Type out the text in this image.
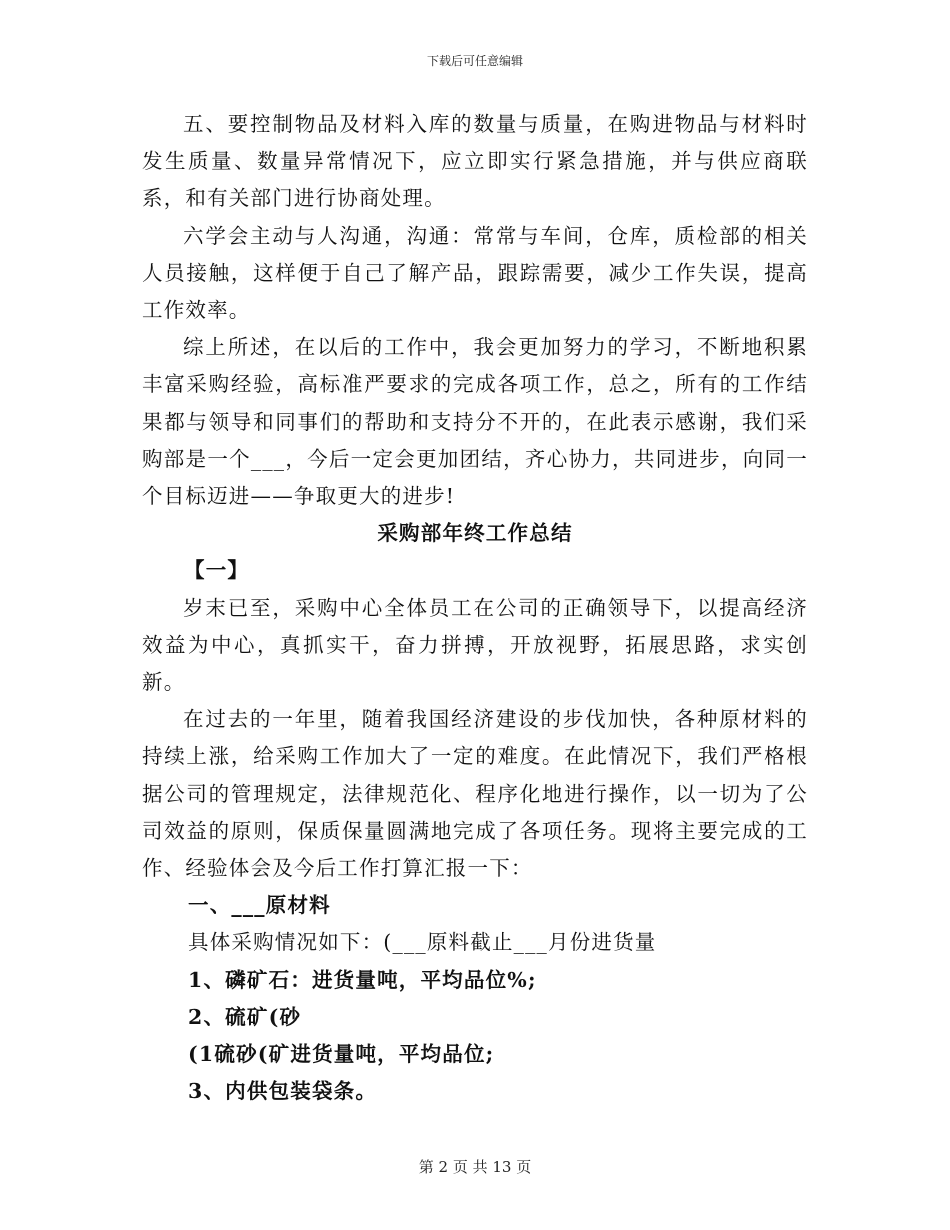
下载后可任意编辑

五、要控制物品及材料入库的数量与质量，在购进物品与材料时发生质量、数量异常情况下，应立即实行紧急措施，并与供应商联系，和有关部门进行协商处理。

六学会主动与人沟通，沟通：常常与车间，仓库，质检部的相关人员接触，这样便于自己了解产品，跟踪需要，减少工作失误，提高工作效率。

综上所述，在以后的工作中，我会更加努力的学习，不断地积累丰富采购经验，高标准严要求的完成各项工作，总之，所有的工作结果都与领导和同事们的帮助和支持分不开的，在此表示感谢，我们采购部是一个___，今后一定会更加团结，齐心协力，共同进步，向同一个目标迈进——争取更大的进步!

采购部年终工作总结

【一】

岁末已至，采购中心全体员工在公司的正确领导下，以提高经济效益为中心，真抓实干，奋力拼搏，开放视野，拓展思路，求实创新。

在过去的一年里，随着我国经济建设的步伐加快，各种原材料的持续上涨，给采购工作加大了一定的难度。在此情况下，我们严格根据公司的管理规定，法律规范化、程序化地进行操作，以一切为了公司效益的原则，保质保量圆满地完成了各项任务。现将主要完成的工作、经验体会及今后工作打算汇报一下：

一、___原材料

具体采购情况如下：(___原料截止___月份进货量

1、磷矿石：进货量吨，平均品位%;

2、硫矿(砂

(1硫砂(矿进货量吨，平均品位;

3、内供包装袋条。

第 2 页 共 13 页
